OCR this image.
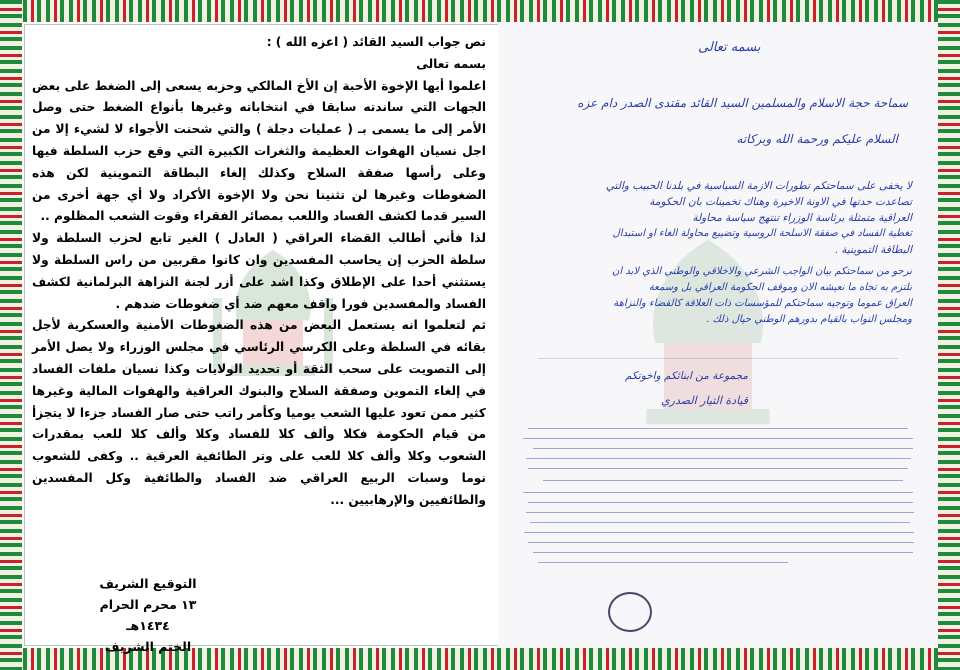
نص جواب السيد القائد ( اعزه الله ) :

بسمه تعالى

اعلموا أيها الإخوة الأحبة إن الأخ المالكي وحزبه يسعى إلى الضغط على بعض الجهات التي ساندته سابقا في انتخاباته وغيرها بأنواع الضغط حتى وصل الأمر إلى ما يسمى بـ ( عمليات دجلة ) والتي شحنت الأجواء لا لشيء إلا من اجل نسيان الهفوات العظيمة والثغرات الكبيرة التي وقع حزب السلطة فيها وعلى رأسها صفقة السلاح وكذلك إلغاء البطاقة التموينية لكن هذه الضغوطات وغيرها لن تثنينا نحن ولا الإخوة الأكراد ولا أي جهة أخرى من السير قدما لكشف الفساد واللعب بمصائر الفقراء وقوت الشعب المظلوم ..

لذا فأني أطالب القضاء العراقي ( العادل ) الغير تابع لحزب السلطة ولا سلطة الحزب إن يحاسب المفسدين وان كانوا مقربين من راس السلطة ولا يستثني أحدا على الإطلاق وكذا اشد على أزر لجنة النزاهة البرلمانية لكشف الفساد والمفسدين فورا واقف معهم ضد أي ضغوطات ضدهم .

ثم لتعلموا انه يستعمل البعض من هذه الضغوطات الأمنية والعسكرية لأجل بقائه في السلطة وعلى الكرسي الرئاسي في مجلس الوزراء ولا يصل الأمر إلى التصويت على سحب الثقة أو تحديد الولايات وكذا نسيان ملفات الفساد في إلغاء التموين وصفقة السلاح والبنوك العراقية والهفوات المالية وغيرها كثير ممن تعود عليها الشعب يوميا وكأمر راتب حتى صار الفساد جزءا لا يتجزأ من قيام الحكومة فكلا وألف كلا للفساد وكلا وألف كلا للعب بمقدرات الشعوب وكلا وألف كلا للعب على وتر الطائفية العرقية .. وكفى للشعوب نوما وسبات الربيع العراقي ضد الفساد والطائفية وكل المفسدين والطائفيين والإرهابيين ...

التوقيع الشريف
١٣ محرم الحرام ١٤٣٤هـ
الختم الشريف
بسمه تعالى
سماحة حجة الاسلام والمسلمين السيد القائد مقتدى الصدر دام عزه
السلام عليكم ورحمة الله وبركاته
لا يخفى على سماحتكم تطورات الازمة السياسية في بلدنا الحبيب والتي
تصاعدت حدتها في الاونة الاخيرة وهناك تخمينات بان الحكومة
العراقية متمثلة برئاسة الوزراء تنتهج سياسة محاولة
تغطية الفساد في صفقة الاسلحة الروسية وتضييع محاولة الغاء او استبدال
البطاقة التموينية .
نرجو من سماحتكم بيان الواجب الشرعي والاخلاقي والوطني الذي لابد ان
نلتزم به تجاه ما نعيشه الان وموقف الحكومة العراقي بل وسمعة
العراق عموما وتوجيه سماحتكم للمؤسسات ذات العلاقة كالقضاء والنزاهة
ومجلس النواب بالقيام بدورهم الوطني حيال ذلك .
مجموعة من ابنائكم واخوتكم
قيادة التيار الصدري
